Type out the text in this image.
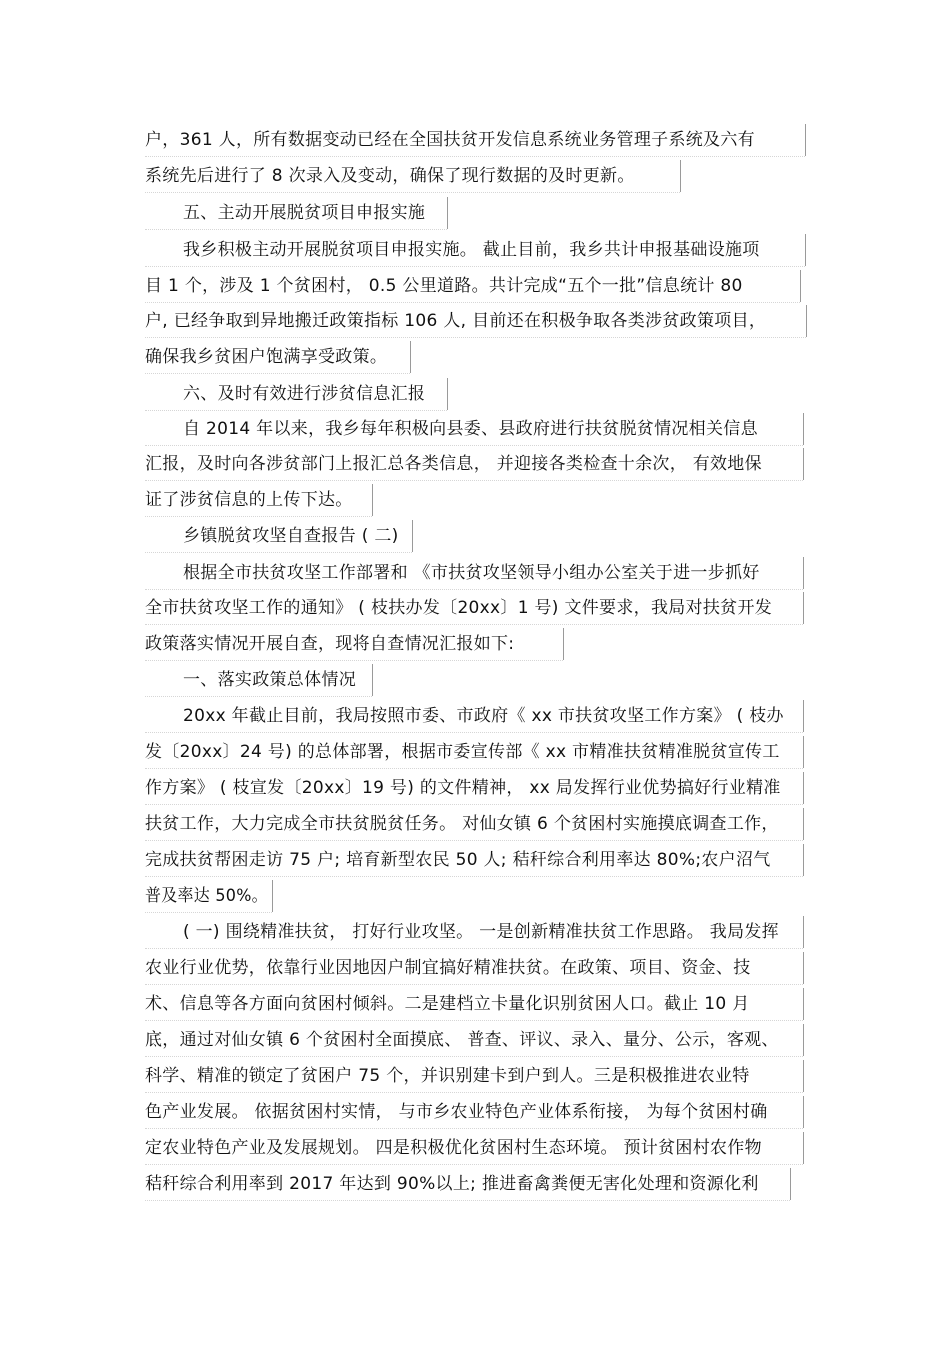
户，361 人，所有数据变动已经在全国扶贫开发信息系统业务管理子系统及六有
系统先后进行了 8 次录入及变动，确保了现行数据的及时更新。
五、主动开展脱贫项目申报实施
我乡积极主动开展脱贫项目申报实施。 截止目前，我乡共计申报基础设施项
目 1 个，涉及 1 个贫困村， 0.5 公里道路。共计完成“五个一批”信息统计 80
户, 已经争取到异地搬迁政策指标 106 人, 目前还在积极争取各类涉贫政策项目，
确保我乡贫困户饱满享受政策。
六、及时有效进行涉贫信息汇报
自 2014 年以来，我乡每年积极向县委、县政府进行扶贫脱贫情况相关信息
汇报，及时向各涉贫部门上报汇总各类信息， 并迎接各类检查十余次， 有效地保
证了涉贫信息的上传下达。
乡镇脱贫攻坚自查报告 ( 二)
根据全市扶贫攻坚工作部署和 《市扶贫攻坚领导小组办公室关于进一步抓好
全市扶贫攻坚工作的通知》 ( 枝扶办发〔20xx〕1 号) 文件要求，我局对扶贫开发
政策落实情况开展自查，现将自查情况汇报如下:
一、落实政策总体情况
20xx 年截止目前，我局按照市委、市政府《 xx 市扶贫攻坚工作方案》 ( 枝办
发〔20xx〕24 号) 的总体部署，根据市委宣传部《 xx 市精准扶贫精准脱贫宣传工
作方案》 ( 枝宣发〔20xx〕19 号) 的文件精神， xx 局发挥行业优势搞好行业精准
扶贫工作，大力完成全市扶贫脱贫任务。 对仙女镇 6 个贫困村实施摸底调查工作，
完成扶贫帮困走访 75 户; 培育新型农民 50 人; 秸秆综合利用率达 80%;农户沼气
普及率达 50%。
( 一) 围绕精准扶贫， 打好行业攻坚。 一是创新精准扶贫工作思路。 我局发挥
农业行业优势，依靠行业因地因户制宜搞好精准扶贫。在政策、项目、资金、技
术、信息等各方面向贫困村倾斜。二是建档立卡量化识别贫困人口。截止 10 月
底，通过对仙女镇 6 个贫困村全面摸底、 普查、评议、录入、量分、公示，客观、
科学、精准的锁定了贫困户 75 个，并识别建卡到户到人。三是积极推进农业特
色产业发展。 依据贫困村实情， 与市乡农业特色产业体系衔接， 为每个贫困村确
定农业特色产业及发展规划。 四是积极优化贫困村生态环境。 预计贫困村农作物
秸秆综合利用率到 2017 年达到 90%以上; 推进畜禽粪便无害化处理和资源化利
